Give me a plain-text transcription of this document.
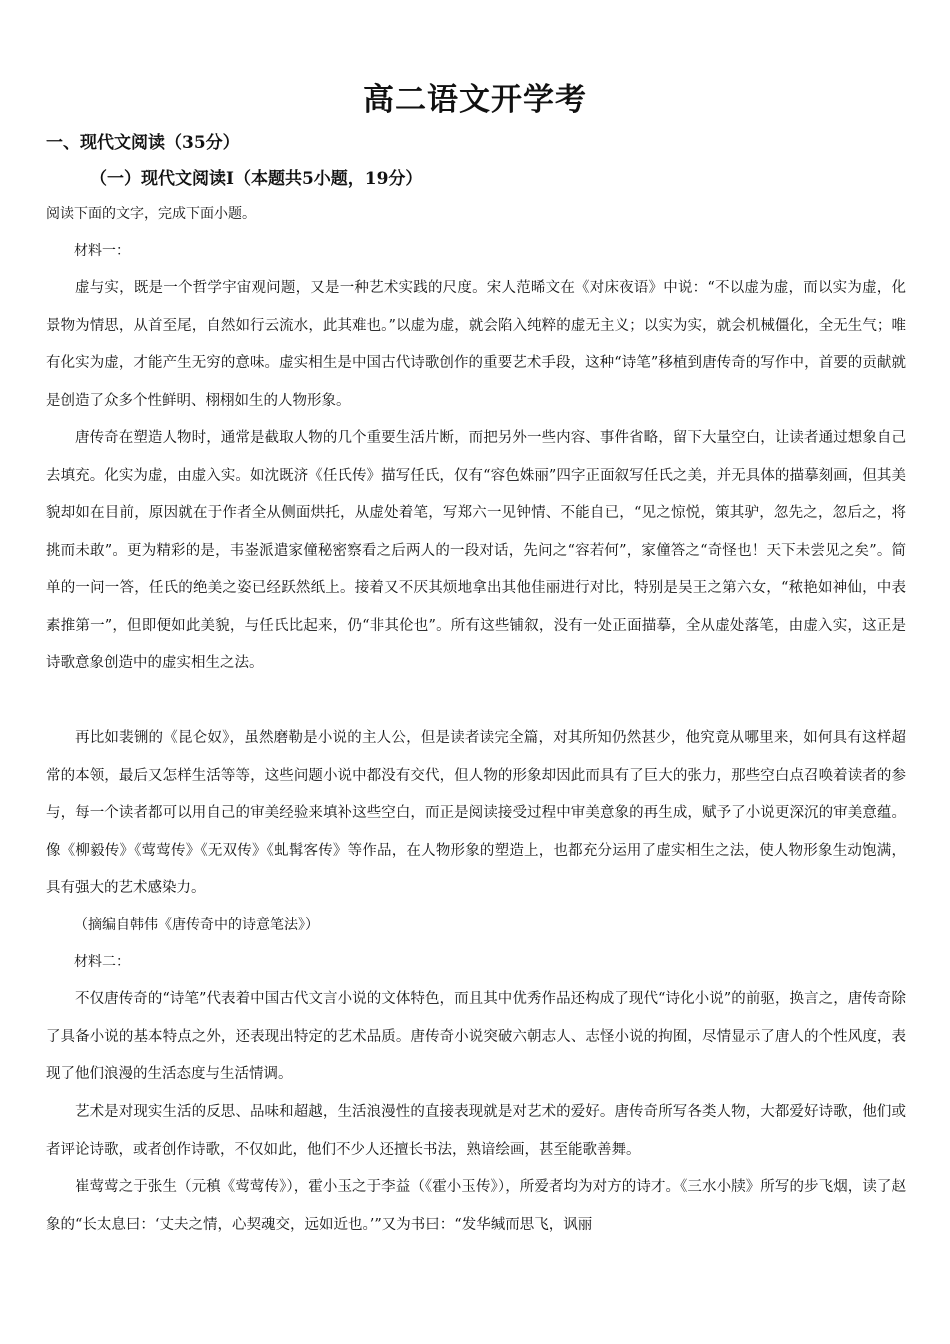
高二语文开学考
一、现代文阅读（35分）
（一）现代文阅读Ⅰ（本题共5小题，19分）

阅读下面的文字，完成下面小题。

材料一：

虚与实，既是一个哲学宇宙观问题，又是一种艺术实践的尺度。宋人范晞文在《对床夜语》中说：“不以虚为虚，而以实为虚，化景物为情思，从首至尾，自然如行云流水，此其难也。”以虚为虚，就会陷入纯粹的虚无主义；以实为实，就会机械僵化，全无生气；唯有化实为虚，才能产生无穷的意味。虚实相生是中国古代诗歌创作的重要艺术手段，这种“诗笔”移植到唐传奇的写作中，首要的贡献就是创造了众多个性鲜明、栩栩如生的人物形象。

唐传奇在塑造人物时，通常是截取人物的几个重要生活片断，而把另外一些内容、事件省略，留下大量空白，让读者通过想象自己去填充。化实为虚，由虚入实。如沈既济《任氏传》描写任氏，仅有“容色姝丽”四字正面叙写任氏之美，并无具体的描摹刻画，但其美貌却如在目前，原因就在于作者全从侧面烘托，从虚处着笔，写郑六一见钟情、不能自已，“见之惊悦，策其驴，忽先之，忽后之，将挑而未敢”。更为精彩的是，韦崟派遣家僮秘密察看之后两人的一段对话，先问之“容若何”，家僮答之“奇怪也！天下未尝见之矣”。简单的一问一答，任氏的绝美之姿已经跃然纸上。接着又不厌其烦地拿出其他佳丽进行对比，特别是吴王之第六女，“秾艳如神仙，中表素推第一”，但即便如此美貌，与任氏比起来，仍“非其伦也”。所有这些铺叙，没有一处正面描摹，全从虚处落笔，由虚入实，这正是诗歌意象创造中的虚实相生之法。

再比如裴铏的《昆仑奴》，虽然磨勒是小说的主人公，但是读者读完全篇，对其所知仍然甚少，他究竟从哪里来，如何具有这样超常的本领，最后又怎样生活等等，这些问题小说中都没有交代，但人物的形象却因此而具有了巨大的张力，那些空白点召唤着读者的参与，每一个读者都可以用自己的审美经验来填补这些空白，而正是阅读接受过程中审美意象的再生成，赋予了小说更深沉的审美意蕴。像《柳毅传》《莺莺传》《无双传》《虬髯客传》等作品，在人物形象的塑造上，也都充分运用了虚实相生之法，使人物形象生动饱满，具有强大的艺术感染力。

（摘编自韩伟《唐传奇中的诗意笔法》）

材料二：

不仅唐传奇的“诗笔”代表着中国古代文言小说的文体特色，而且其中优秀作品还构成了现代“诗化小说”的前驱，换言之，唐传奇除了具备小说的基本特点之外，还表现出特定的艺术品质。唐传奇小说突破六朝志人、志怪小说的拘囿，尽情显示了唐人的个性风度，表现了他们浪漫的生活态度与生活情调。

艺术是对现实生活的反思、品味和超越，生活浪漫性的直接表现就是对艺术的爱好。唐传奇所写各类人物，大都爱好诗歌，他们或者评论诗歌，或者创作诗歌，不仅如此，他们不少人还擅长书法，熟谙绘画，甚至能歌善舞。

崔莺莺之于张生（元稹《莺莺传》），霍小玉之于李益（《霍小玉传》），所爱者均为对方的诗才。《三水小牍》所写的步飞烟，读了赵象的“长太息曰：‘丈夫之情，心契魂交，远如近也。’”又为书曰：“发华缄而思飞，讽丽
